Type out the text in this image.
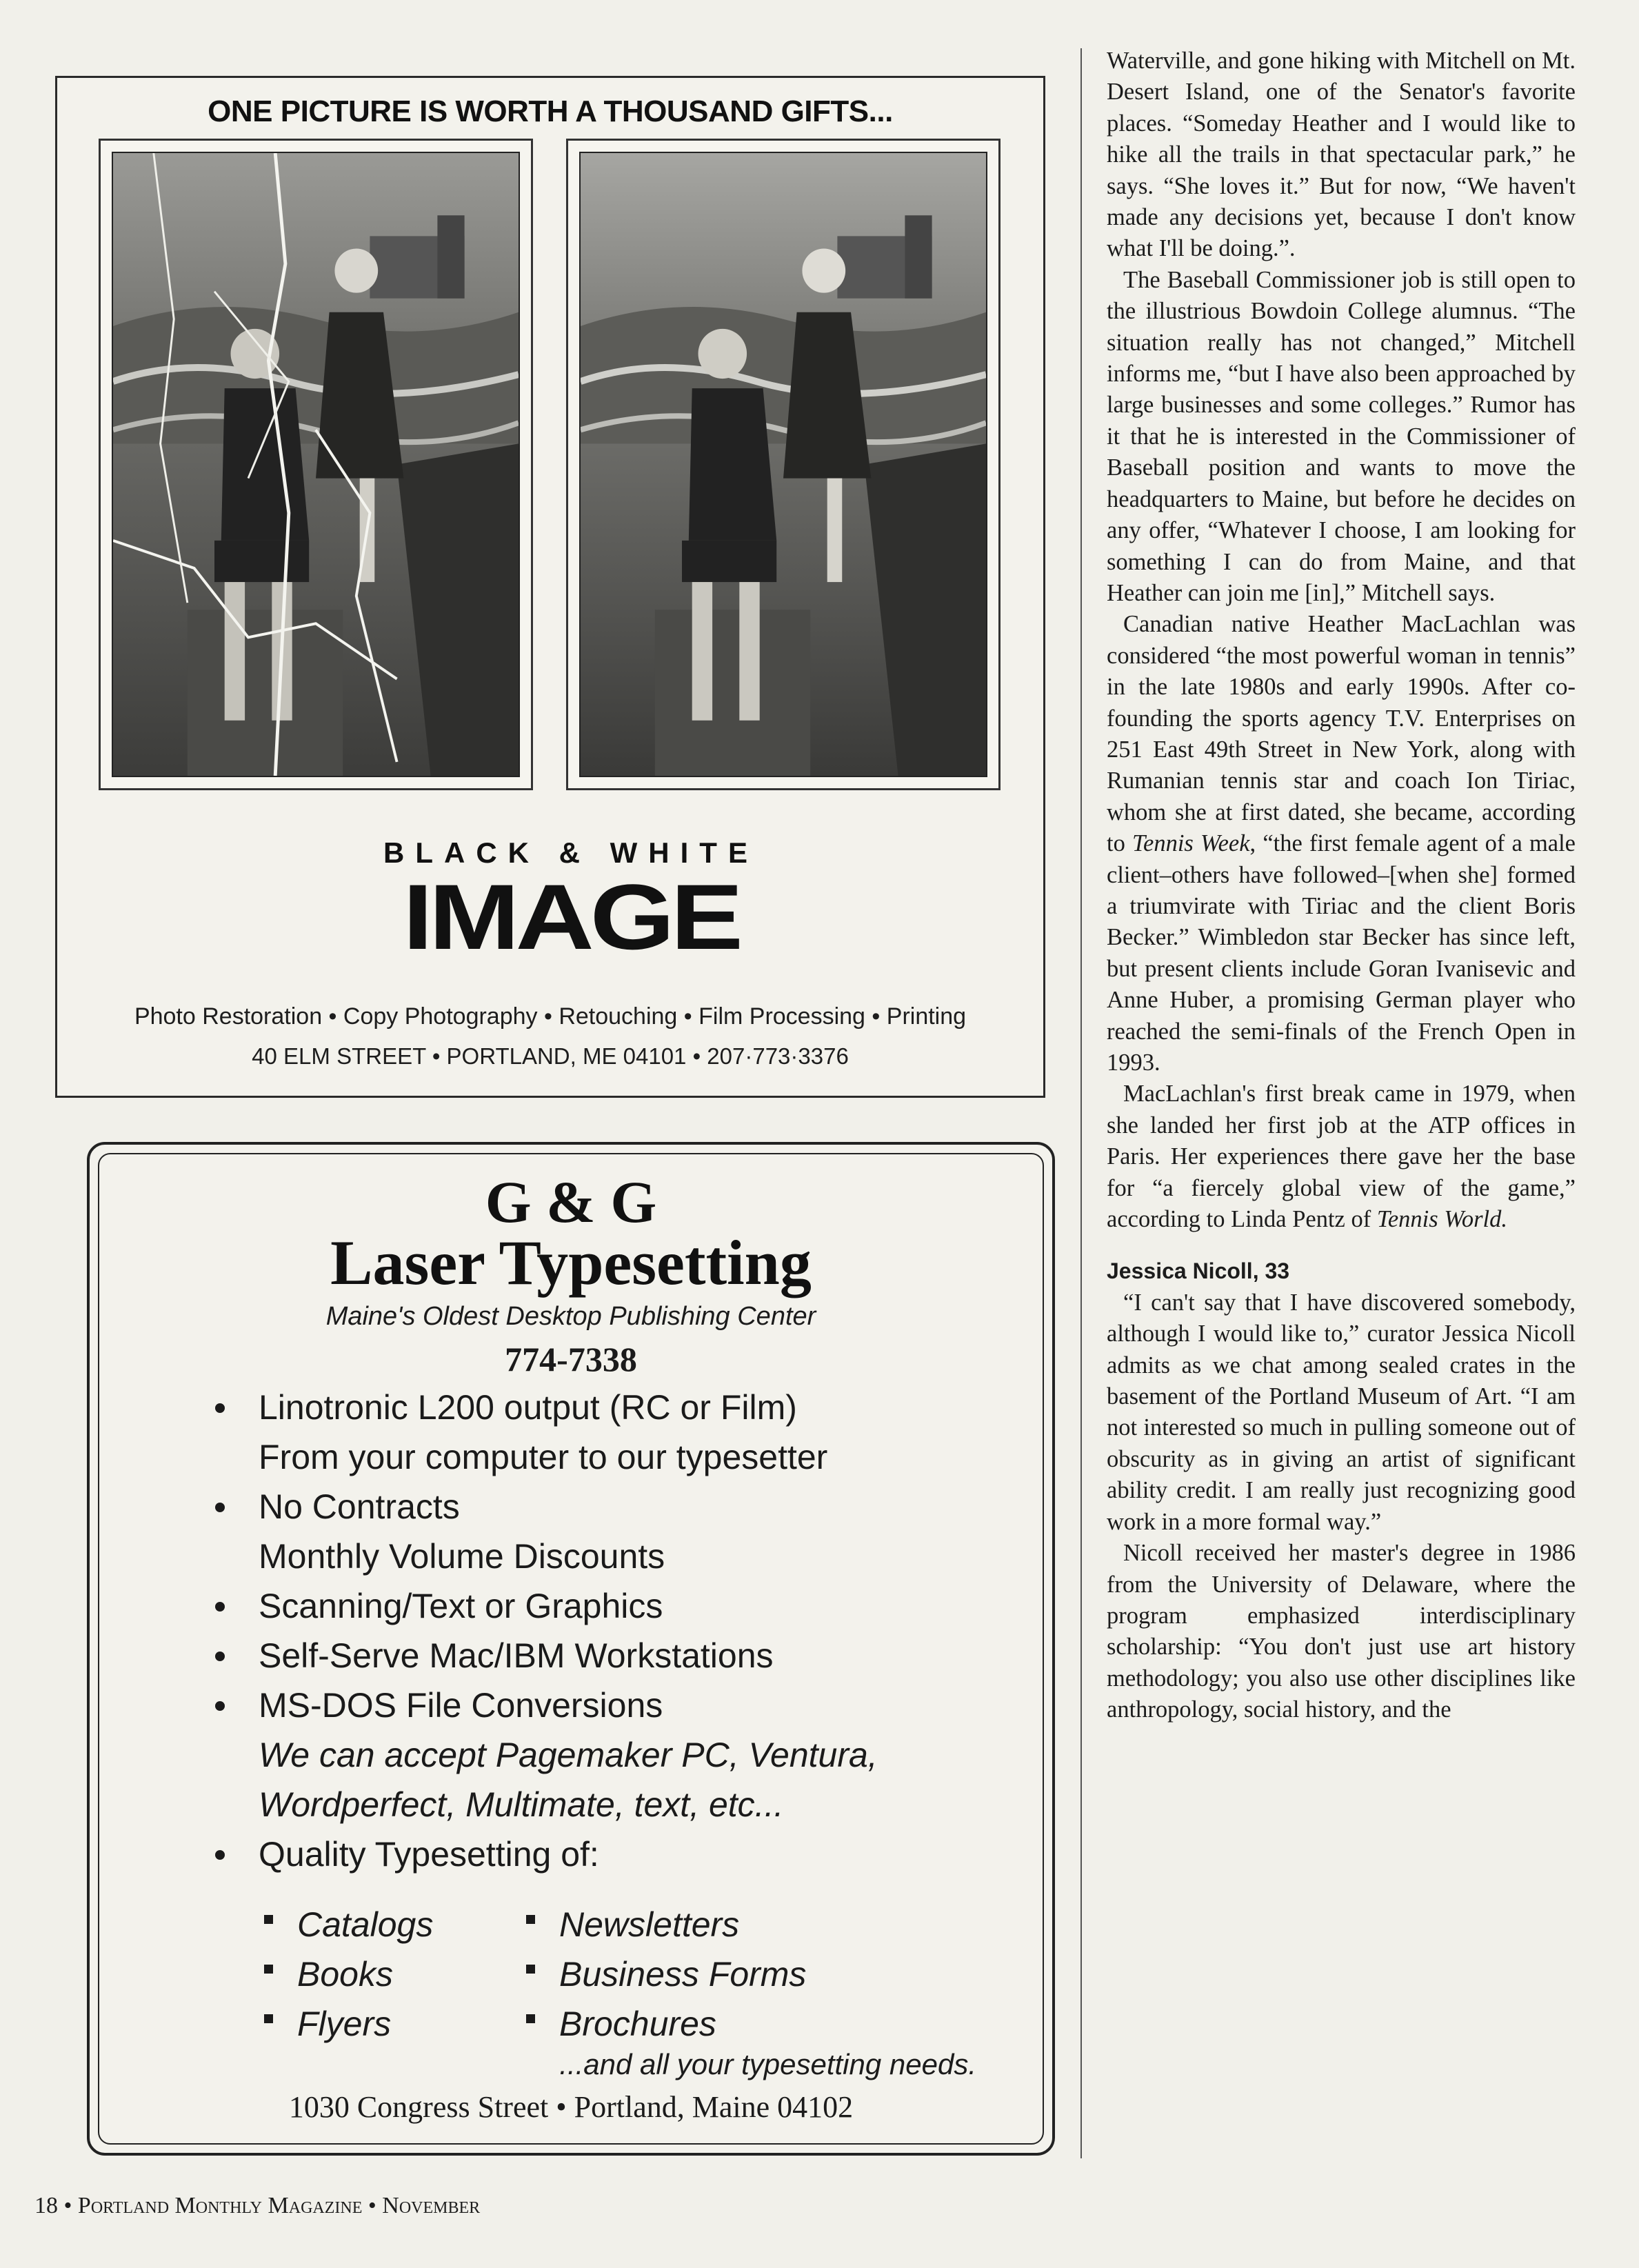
ONE PICTURE IS WORTH A THOUSAND GIFTS...
BLACK & WHITE
IMAGE
Photo Restoration • Copy Photography • Retouching • Film Processing • Printing
40 ELM STREET • PORTLAND, ME 04101 • 207·773·3376
G & G
Laser Typesetting
Maine's Oldest Desktop Publishing Center
774-7338
Linotronic L200 output (RC or Film)
From your computer to our typesetter
No Contracts
Monthly Volume Discounts
Scanning/Text or Graphics
Self-Serve Mac/IBM Workstations
MS-DOS File Conversions
We can accept Pagemaker PC, Ventura,
Wordperfect, Multimate, text, etc...
Quality Typesetting of:
Catalogs	Newsletters
Books	Business Forms
Flyers	Brochures
...and all your typesetting needs.
1030 Congress Street • Portland, Maine 04102

Waterville, and gone hiking with Mitchell on Mt. Desert Island, one of the Senator's favorite places. “Someday Heather and I would like to hike all the trails in that spectacular park,” he says. “She loves it.” But for now, “We haven't made any decisions yet, because I don't know what I'll be doing.”.

The Baseball Commissioner job is still open to the illustrious Bowdoin College alumnus. “The situation really has not changed,” Mitchell informs me, “but I have also been approached by large businesses and some colleges.” Rumor has it that he is interested in the Commissioner of Baseball position and wants to move the headquarters to Maine, but before he decides on any offer, “Whatever I choose, I am looking for something I can do from Maine, and that Heather can join me [in],” Mitchell says.

Canadian native Heather MacLachlan was considered “the most powerful woman in tennis” in the late 1980s and early 1990s. After co-founding the sports agency T.V. Enterprises on 251 East 49th Street in New York, along with Rumanian tennis star and coach Ion Tiriac, whom she at first dated, she became, according to Tennis Week, “the first female agent of a male client–others have followed–[when she] formed a triumvirate with Tiriac and the client Boris Becker.” Wimbledon star Becker has since left, but present clients include Goran Ivanisevic and Anne Huber, a promising German player who reached the semi-finals of the French Open in 1993.

MacLachlan's first break came in 1979, when she landed her first job at the ATP offices in Paris. Her experiences there gave her the base for “a fiercely global view of the game,” according to Linda Pentz of Tennis World.

Jessica Nicoll, 33

“I can't say that I have discovered somebody, although I would like to,” curator Jessica Nicoll admits as we chat among sealed crates in the basement of the Portland Museum of Art. “I am not interested so much in pulling someone out of obscurity as in giving an artist of significant ability credit. I am really just recognizing good work in a more formal way.”

Nicoll received her master's degree in 1986 from the University of Delaware, where the program emphasized interdisciplinary scholarship: “You don't just use art history methodology; you also use other disciplines like anthropology, social history, and the

18 • Portland Monthly Magazine • November
